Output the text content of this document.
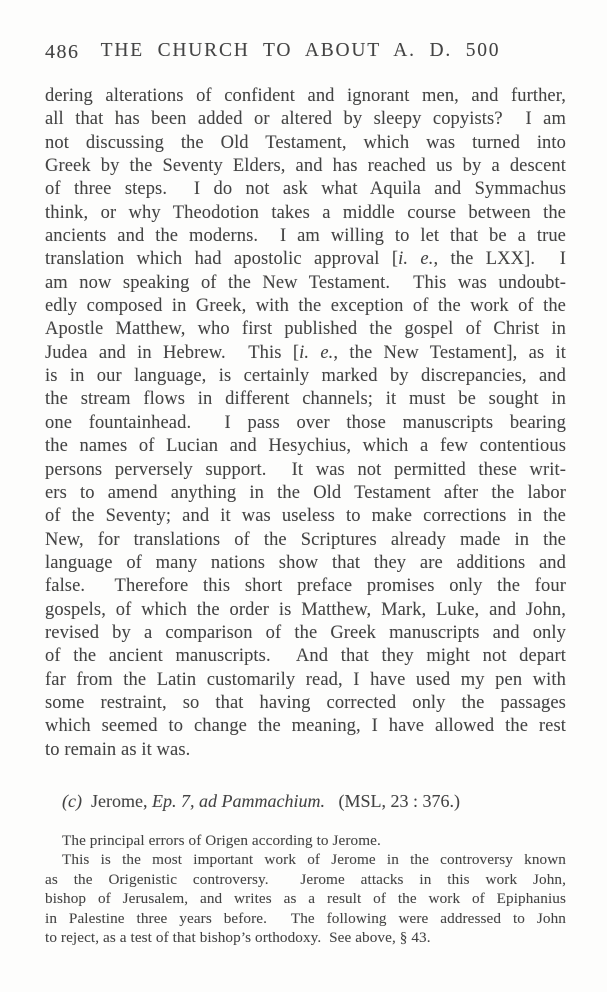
486	THE CHURCH TO ABOUT A. D. 500
dering alterations of confident and ignorant men, and further,
all that has been added or altered by sleepy copyists?  I am
not discussing the Old Testament, which was turned into
Greek by the Seventy Elders, and has reached us by a descent
of three steps.  I do not ask what Aquila and Symmachus
think, or why Theodotion takes a middle course between the
ancients and the moderns.  I am willing to let that be a true
translation which had apostolic approval [i. e., the LXX].  I
am now speaking of the New Testament.  This was undoubt-
edly composed in Greek, with the exception of the work of the
Apostle Matthew, who first published the gospel of Christ in
Judea and in Hebrew.  This [i. e., the New Testament], as it
is in our language, is certainly marked by discrepancies, and
the stream flows in different channels; it must be sought in
one fountainhead.  I pass over those manuscripts bearing
the names of Lucian and Hesychius, which a few contentious
persons perversely support.  It was not permitted these writ-
ers to amend anything in the Old Testament after the labor
of the Seventy; and it was useless to make corrections in the
New, for translations of the Scriptures already made in the
language of many nations show that they are additions and
false.  Therefore this short preface promises only the four
gospels, of which the order is Matthew, Mark, Luke, and John,
revised by a comparison of the Greek manuscripts and only
of the ancient manuscripts.  And that they might not depart
far from the Latin customarily read, I have used my pen with
some restraint, so that having corrected only the passages
which seemed to change the meaning, I have allowed the rest
to remain as it was.
(c)  Jerome, Ep. 7, ad Pammachium.   (MSL, 23 : 376.)
The principal errors of Origen according to Jerome.
This is the most important work of Jerome in the controversy known
as the Origenistic controversy.  Jerome attacks in this work John,
bishop of Jerusalem, and writes as a result of the work of Epiphanius
in Palestine three years before.  The following were addressed to John
to reject, as a test of that bishop’s orthodoxy.  See above, § 43.
